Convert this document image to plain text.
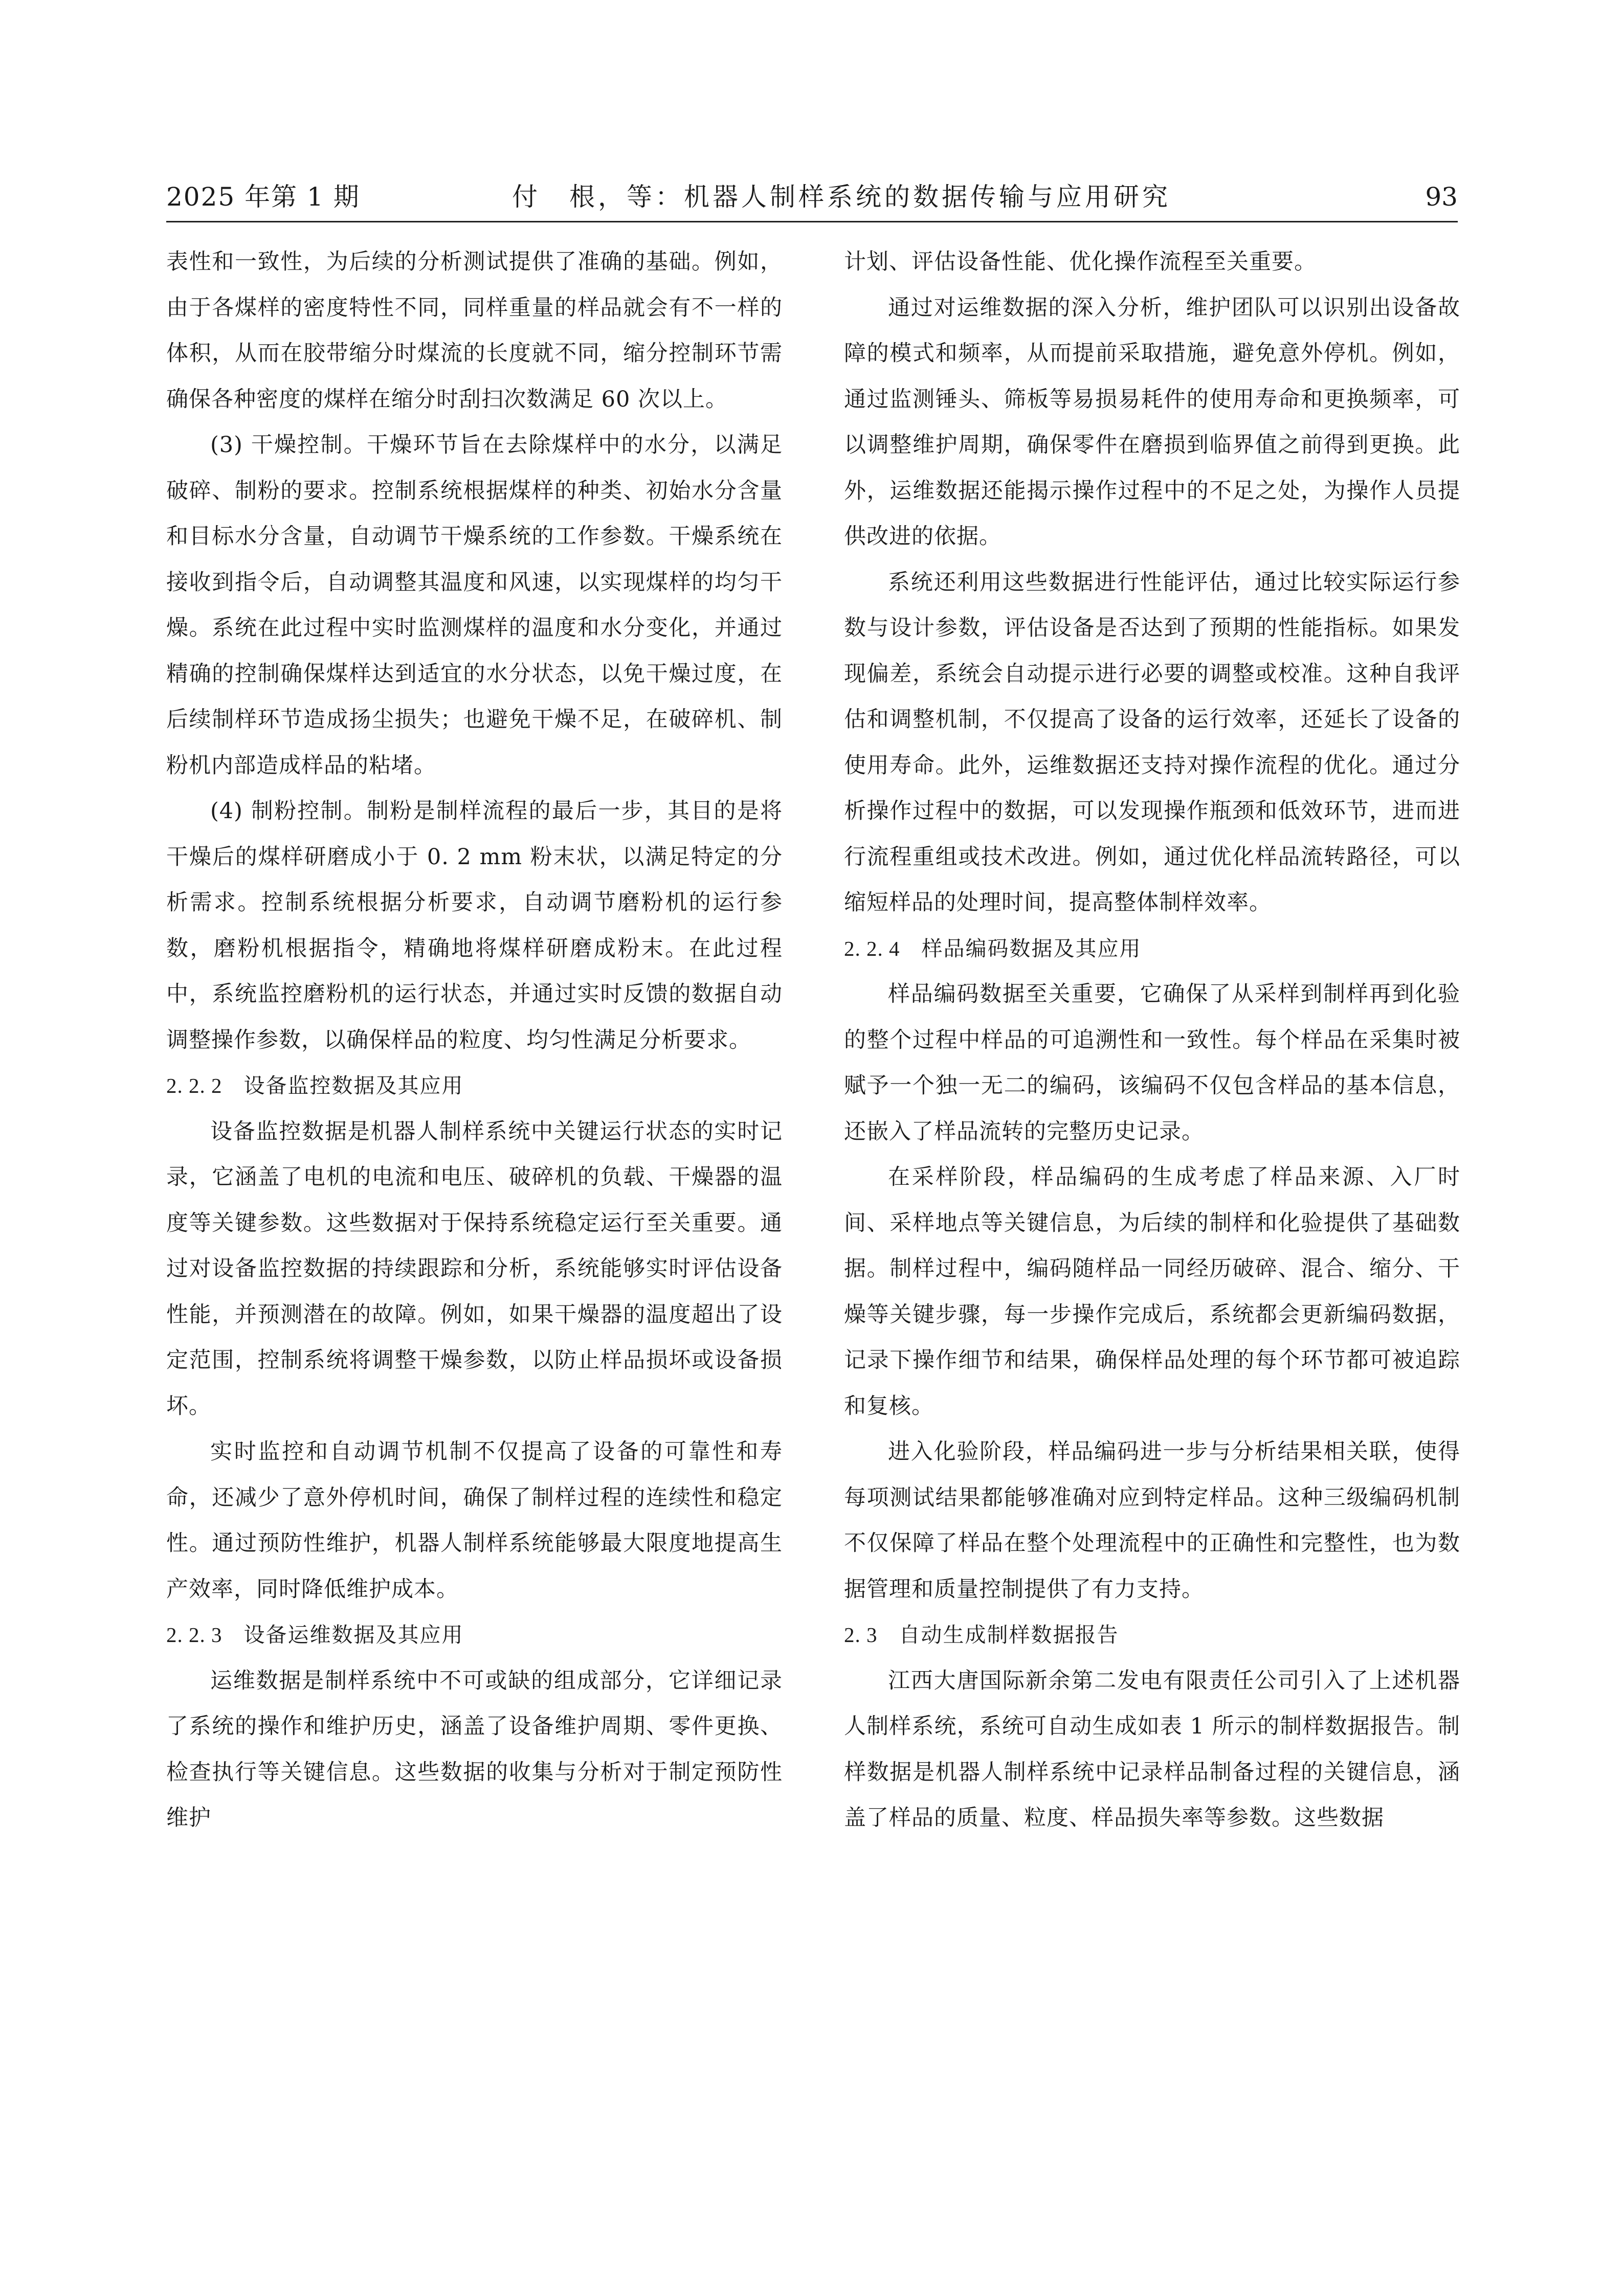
2025 年第 1 期	付　根，等：机器人制样系统的数据传输与应用研究	93

表性和一致性，为后续的分析测试提供了准确的基础。例如，由于各煤样的密度特性不同，同样重量的样品就会有不一样的体积，从而在胶带缩分时煤流的长度就不同，缩分控制环节需确保各种密度的煤样在缩分时刮扫次数满足 60 次以上。

(3) 干燥控制。干燥环节旨在去除煤样中的水分，以满足破碎、制粉的要求。控制系统根据煤样的种类、初始水分含量和目标水分含量，自动调节干燥系统的工作参数。干燥系统在接收到指令后，自动调整其温度和风速，以实现煤样的均匀干燥。系统在此过程中实时监测煤样的温度和水分变化，并通过精确的控制确保煤样达到适宜的水分状态，以免干燥过度，在后续制样环节造成扬尘损失；也避免干燥不足，在破碎机、制粉机内部造成样品的粘堵。

(4) 制粉控制。制粉是制样流程的最后一步，其目的是将干燥后的煤样研磨成小于 0. 2 mm 粉末状，以满足特定的分析需求。控制系统根据分析要求，自动调节磨粉机的运行参数，磨粉机根据指令，精确地将煤样研磨成粉末。在此过程中，系统监控磨粉机的运行状态，并通过实时反馈的数据自动调整操作参数，以确保样品的粒度、均匀性满足分析要求。

2. 2. 2 设备监控数据及其应用

设备监控数据是机器人制样系统中关键运行状态的实时记录，它涵盖了电机的电流和电压、破碎机的负载、干燥器的温度等关键参数。这些数据对于保持系统稳定运行至关重要。通过对设备监控数据的持续跟踪和分析，系统能够实时评估设备性能，并预测潜在的故障。例如，如果干燥器的温度超出了设定范围，控制系统将调整干燥参数，以防止样品损坏或设备损坏。

实时监控和自动调节机制不仅提高了设备的可靠性和寿命，还减少了意外停机时间，确保了制样过程的连续性和稳定性。通过预防性维护，机器人制样系统能够最大限度地提高生产效率，同时降低维护成本。

2. 2. 3 设备运维数据及其应用

运维数据是制样系统中不可或缺的组成部分，它详细记录了系统的操作和维护历史，涵盖了设备维护周期、零件更换、检查执行等关键信息。这些数据的收集与分析对于制定预防性维护

计划、评估设备性能、优化操作流程至关重要。

通过对运维数据的深入分析，维护团队可以识别出设备故障的模式和频率，从而提前采取措施，避免意外停机。例如，通过监测锤头、筛板等易损易耗件的使用寿命和更换频率，可以调整维护周期，确保零件在磨损到临界值之前得到更换。此外，运维数据还能揭示操作过程中的不足之处，为操作人员提供改进的依据。

系统还利用这些数据进行性能评估，通过比较实际运行参数与设计参数，评估设备是否达到了预期的性能指标。如果发现偏差，系统会自动提示进行必要的调整或校准。这种自我评估和调整机制，不仅提高了设备的运行效率，还延长了设备的使用寿命。此外，运维数据还支持对操作流程的优化。通过分析操作过程中的数据，可以发现操作瓶颈和低效环节，进而进行流程重组或技术改进。例如，通过优化样品流转路径，可以缩短样品的处理时间，提高整体制样效率。

2. 2. 4 样品编码数据及其应用

样品编码数据至关重要，它确保了从采样到制样再到化验的整个过程中样品的可追溯性和一致性。每个样品在采集时被赋予一个独一无二的编码，该编码不仅包含样品的基本信息，还嵌入了样品流转的完整历史记录。

在采样阶段，样品编码的生成考虑了样品来源、入厂时间、采样地点等关键信息，为后续的制样和化验提供了基础数据。制样过程中，编码随样品一同经历破碎、混合、缩分、干燥等关键步骤，每一步操作完成后，系统都会更新编码数据，记录下操作细节和结果，确保样品处理的每个环节都可被追踪和复核。

进入化验阶段，样品编码进一步与分析结果相关联，使得每项测试结果都能够准确对应到特定样品。这种三级编码机制不仅保障了样品在整个处理流程中的正确性和完整性，也为数据管理和质量控制提供了有力支持。

2. 3 自动生成制样数据报告

江西大唐国际新余第二发电有限责任公司引入了上述机器人制样系统，系统可自动生成如表 1 所示的制样数据报告。制样数据是机器人制样系统中记录样品制备过程的关键信息，涵盖了样品的质量、粒度、样品损失率等参数。这些数据
